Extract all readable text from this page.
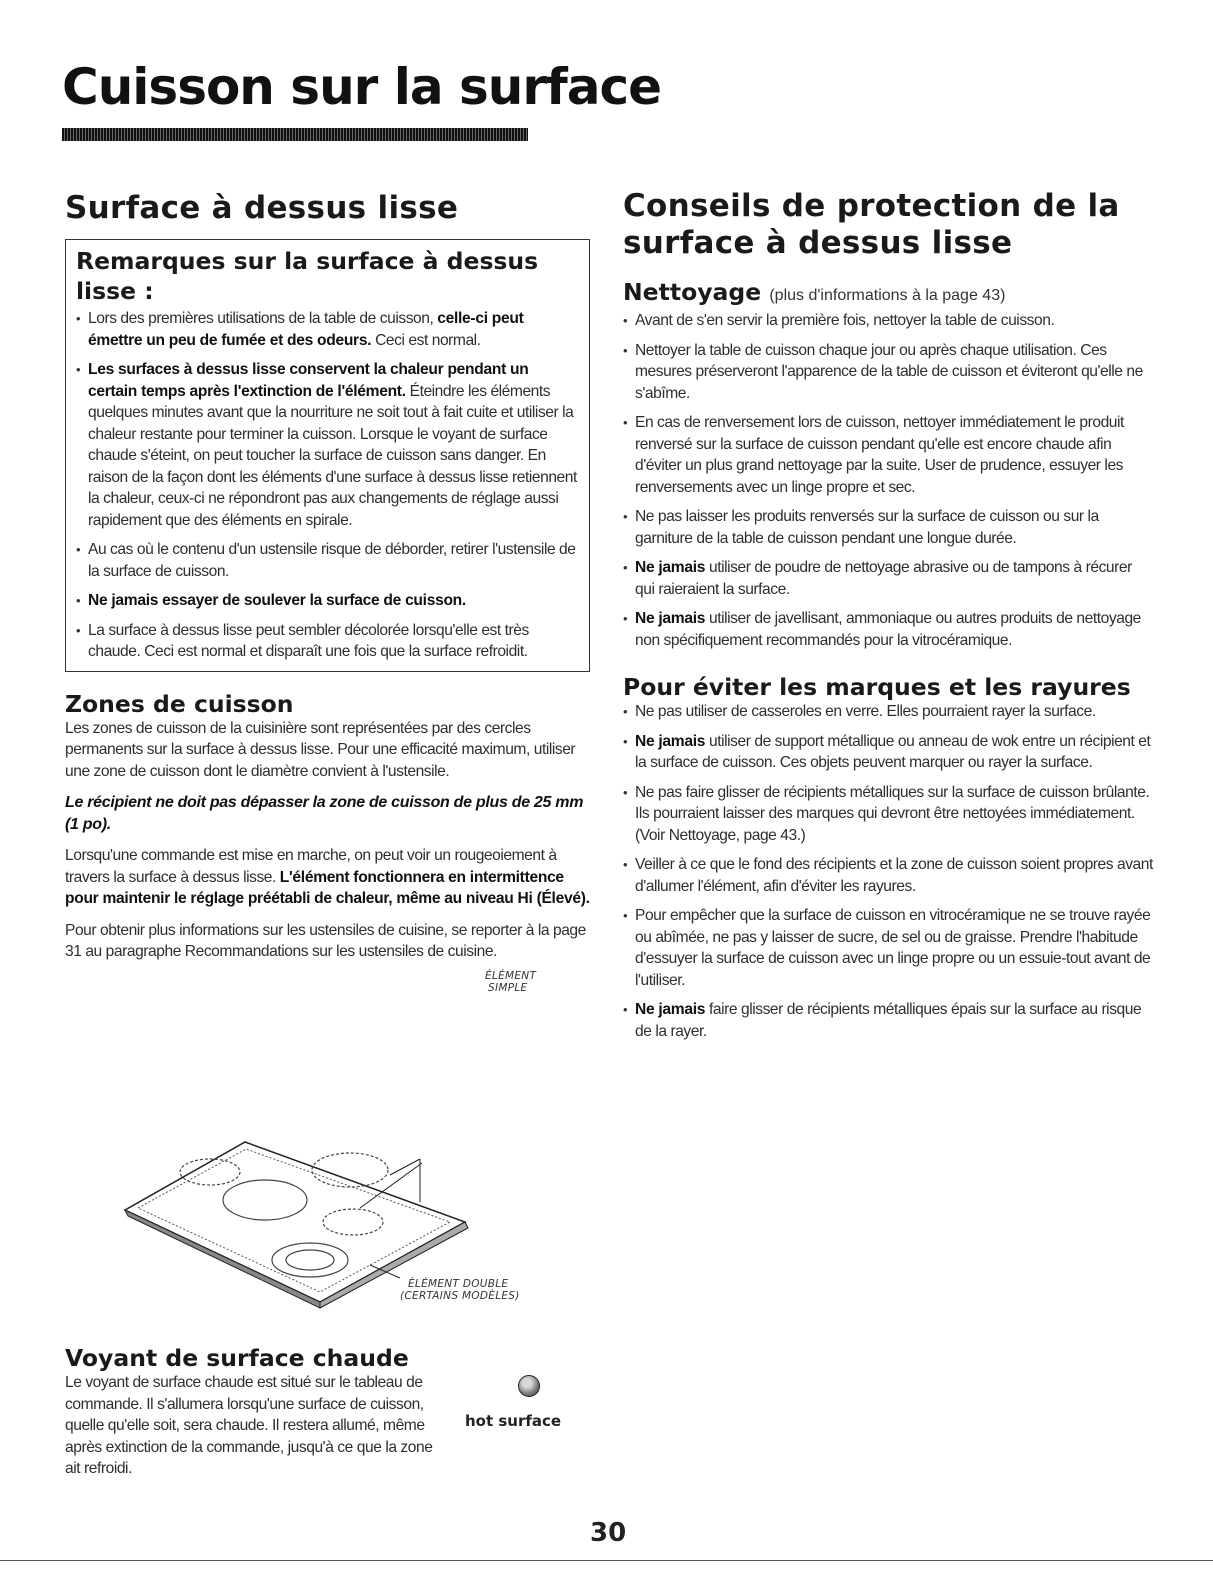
Cuisson sur la surface
Surface à dessus lisse
Remarques sur la surface à dessus lisse :
• Lors des premières utilisations de la table de cuisson, celle-ci peut émettre un peu de fumée et des odeurs. Ceci est normal.
• Les surfaces à dessus lisse conservent la chaleur pendant un certain temps après l'extinction de l'élément. Éteindre les éléments quelques minutes avant que la nourriture ne soit tout à fait cuite et utiliser la chaleur restante pour terminer la cuisson. Lorsque le voyant de surface chaude s'éteint, on peut toucher la surface de cuisson sans danger. En raison de la façon dont les éléments d'une surface à dessus lisse retiennent la chaleur, ceux-ci ne répondront pas aux changements de réglage aussi rapidement que des éléments en spirale.
• Au cas où le contenu d'un ustensile risque de déborder, retirer l'ustensile de la surface de cuisson.
• Ne jamais essayer de soulever la surface de cuisson.
• La surface à dessus lisse peut sembler décolorée lorsqu'elle est très chaude. Ceci est normal et disparaît une fois que la surface refroidit.
Zones de cuisson

Les zones de cuisson de la cuisinière sont représentées par des cercles permanents sur la surface à dessus lisse. Pour une efficacité maximum, utiliser une zone de cuisson dont le diamètre convient à l'ustensile.

Le récipient ne doit pas dépasser la zone de cuisson de plus de 25 mm (1 po).

Lorsqu'une commande est mise en marche, on peut voir un rougeoiement à travers la surface à dessus lisse. L'élément fonctionnera en intermittence pour maintenir le réglage préétabli de chaleur, même au niveau Hi (Élevé).

Pour obtenir plus informations sur les ustensiles de cuisine, se reporter à la page 31 au paragraphe Recommandations sur les ustensiles de cuisine.

ÉLÉMENT
SIMPLE
ÉLÉMENT DOUBLE
(CERTAINS MODÈLES)
Voyant de surface chaude

Le voyant de surface chaude est situé sur le tableau de commande. Il s'allumera lorsqu'une surface de cuisson, quelle qu'elle soit, sera chaude. Il restera allumé, même après extinction de la commande, jusqu'à ce que la zone ait refroidi.

hot surface
Conseils de protection de la surface à dessus lisse
Nettoyage (plus d'informations à la page 43)
• Avant de s'en servir la première fois, nettoyer la table de cuisson.
• Nettoyer la table de cuisson chaque jour ou après chaque utilisation. Ces mesures préserveront l'apparence de la table de cuisson et éviteront qu'elle ne s'abîme.
• En cas de renversement lors de cuisson, nettoyer immédiatement le produit renversé sur la surface de cuisson pendant qu'elle est encore chaude afin d'éviter un plus grand nettoyage par la suite. User de prudence, essuyer les renversements avec un linge propre et sec.
• Ne pas laisser les produits renversés sur la surface de cuisson ou sur la garniture de la table de cuisson pendant une longue durée.
• Ne jamais utiliser de poudre de nettoyage abrasive ou de tampons à récurer qui raieraient la surface.
• Ne jamais utiliser de javellisant, ammoniaque ou autres produits de nettoyage non spécifiquement recommandés pour la vitrocéramique.
Pour éviter les marques et les rayures
• Ne pas utiliser de casseroles en verre. Elles pourraient rayer la surface.
• Ne jamais utiliser de support métallique ou anneau de wok entre un récipient et la surface de cuisson. Ces objets peuvent marquer ou rayer la surface.
• Ne pas faire glisser de récipients métalliques sur la surface de cuisson brûlante. Ils pourraient laisser des marques qui devront être nettoyées immédiatement. (Voir Nettoyage, page 43.)
• Veiller à ce que le fond des récipients et la zone de cuisson soient propres avant d'allumer l'élément, afin d'éviter les rayures.
• Pour empêcher que la surface de cuisson en vitrocéramique ne se trouve rayée ou abîmée, ne pas y laisser de sucre, de sel ou de graisse. Prendre l'habitude d'essuyer la surface de cuisson avec un linge propre ou un essuie-tout avant de l'utiliser.
• Ne jamais faire glisser de récipients métalliques épais sur la surface au risque de la rayer.
30
